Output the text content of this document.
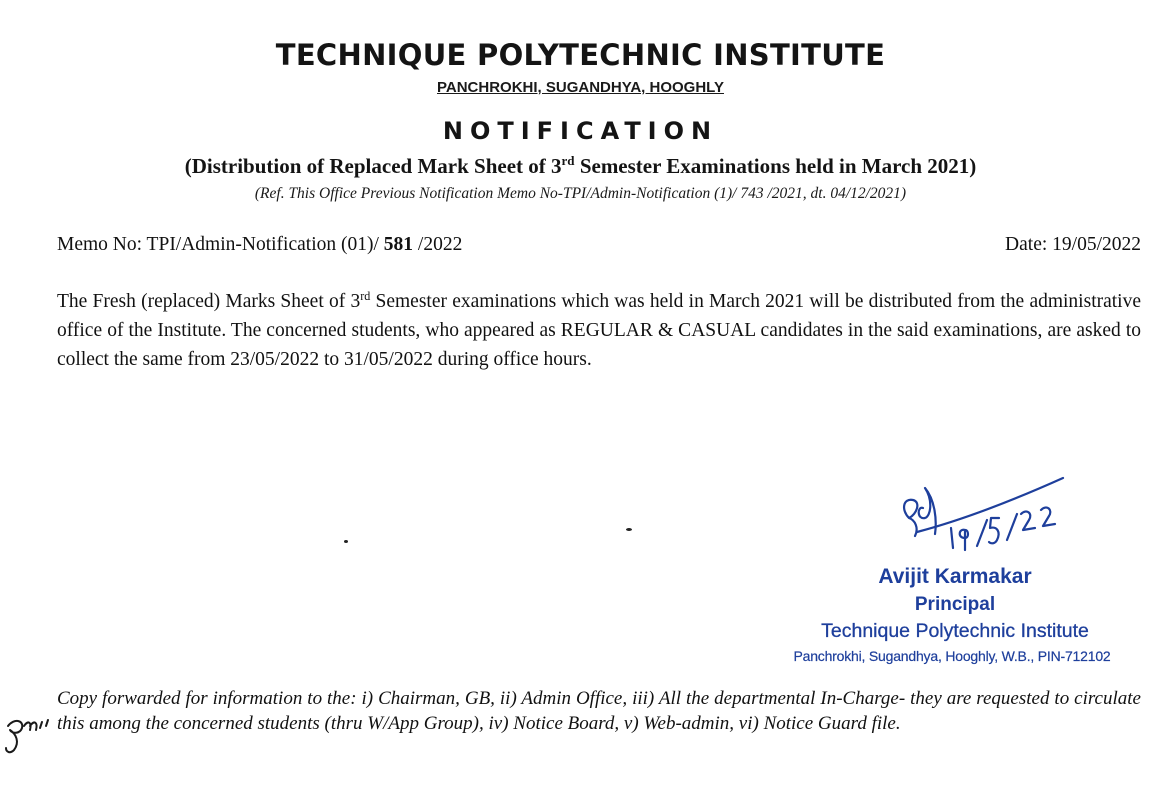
TECHNIQUE POLYTECHNIC INSTITUTE
PANCHROKHI, SUGANDHYA, HOOGHLY
NOTIFICATION
(Distribution of Replaced Mark Sheet of 3rd Semester Examinations held in March 2021)
(Ref. This Office Previous Notification Memo No-TPI/Admin-Notification (1)/ 743 /2021, dt. 04/12/2021)
Memo No: TPI/Admin-Notification (01)/ 581 /2022	Date: 19/05/2022
The Fresh (replaced) Marks Sheet of 3rd Semester examinations which was held in March 2021 will be distributed from the administrative office of the Institute. The concerned students, who appeared as REGULAR & CASUAL candidates in the said examinations, are asked to collect the same from 23/05/2022 to 31/05/2022 during office hours.
Avijit Karmakar
Principal
Technique Polytechnic Institute
Panchrokhi, Sugandhya, Hooghly, W.B., PIN-712102
Copy forwarded for information to the: i) Chairman, GB, ii) Admin Office, iii) All the departmental In-Charge- they are requested to circulate this among the concerned students (thru W/App Group), iv) Notice Board, v) Web-admin, vi) Notice Guard file.
